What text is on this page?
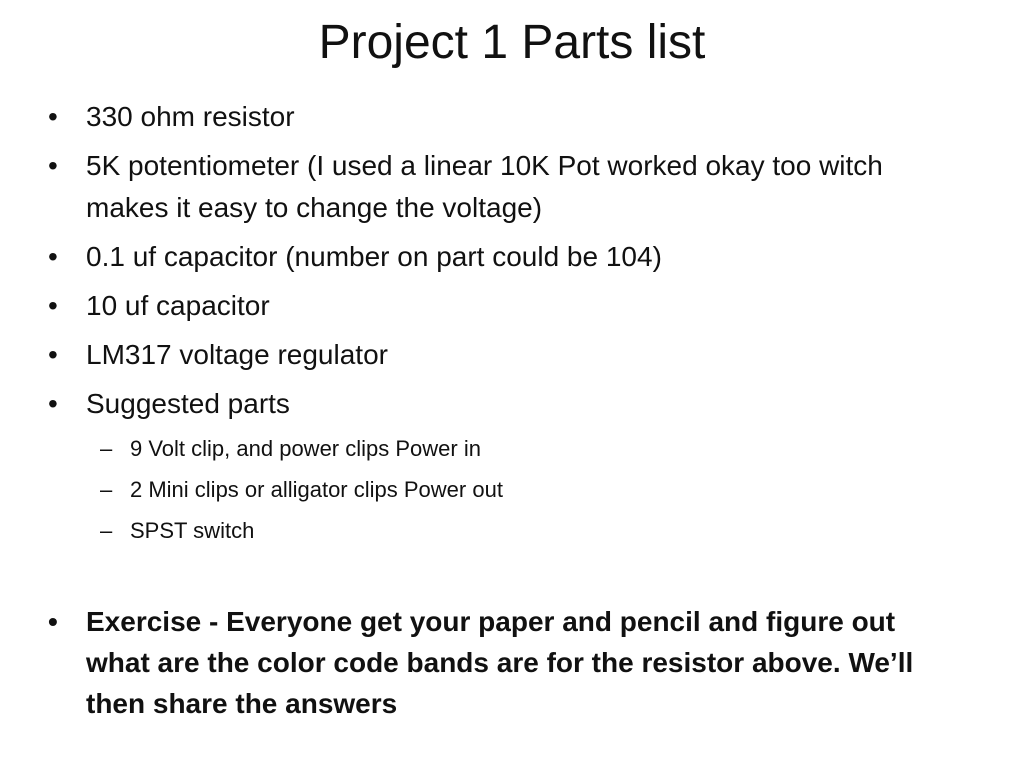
Project 1 Parts list
•	330 ohm resistor
•	5K potentiometer (I used a linear 10K Pot worked okay too witch makes it easy to change the voltage)
•	0.1 uf capacitor (number on part could be 104)
•	10 uf capacitor
•	LM317 voltage regulator
•	Suggested parts
– 9 Volt clip, and power clips Power in
– 2 Mini clips or alligator clips Power out
– SPST switch
•	Exercise - Everyone get your paper and pencil and figure out what are the color code bands are for the resistor above. We’ll then share the answers
